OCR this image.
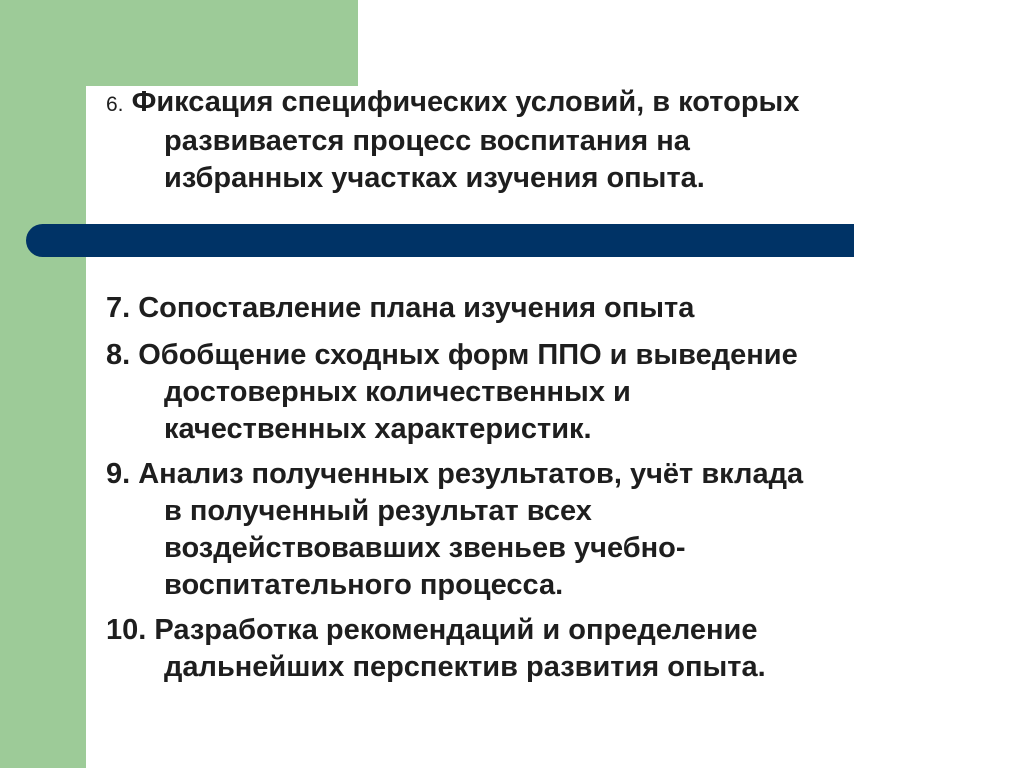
6. Фиксация специфических условий, в которых
развивается процесс воспитания на
избранных участках изучения опыта.
7. Сопоставление плана изучения опыта
8. Обобщение сходных форм ППО и выведение
достоверных количественных и
качественных характеристик.
9. Анализ полученных результатов, учёт вклада
в полученный результат всех
воздействовавших звеньев учебно-
воспитательного процесса.
10. Разработка рекомендаций и определение
дальнейших перспектив развития опыта.
